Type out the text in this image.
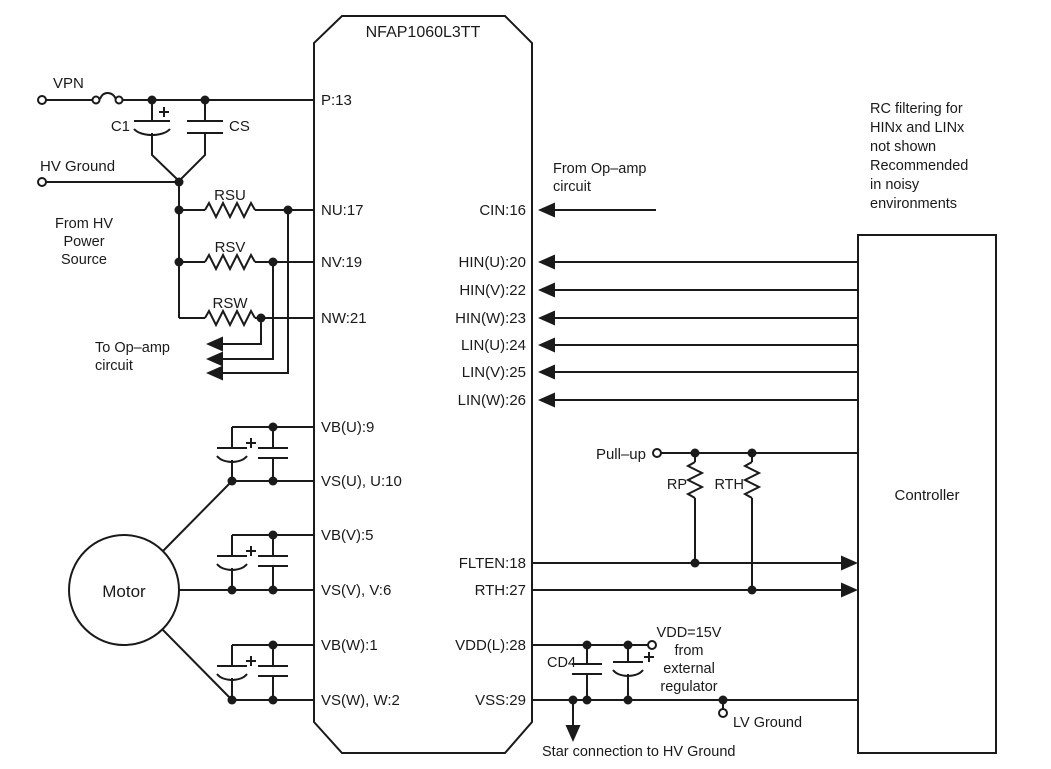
NFAP1060L3TT
P:13
NU:17
NV:19
NW:21
VB(U):9
VS(U), U:10
VB(V):5
VS(V), V:6
VB(W):1
VS(W), W:2
CIN:16
HIN(U):20
HIN(V):22
HIN(W):23
LIN(U):24
LIN(V):25
LIN(W):26
FLTEN:18
RTH:27
VDD(L):28
VSS:29
Controller
Motor
VPN
C1	CS
HV Ground
From HV
Power
Source
RSU
RSV
RSW
To Op–amp
circuit
From Op–amp
circuit
RC filtering for
HINx and LINx
not shown
Recommended
in noisy
environments
Pull–up
RP RTH
CD4
VDD=15V
from
external
regulator
Star connection to HV Ground
LV Ground
